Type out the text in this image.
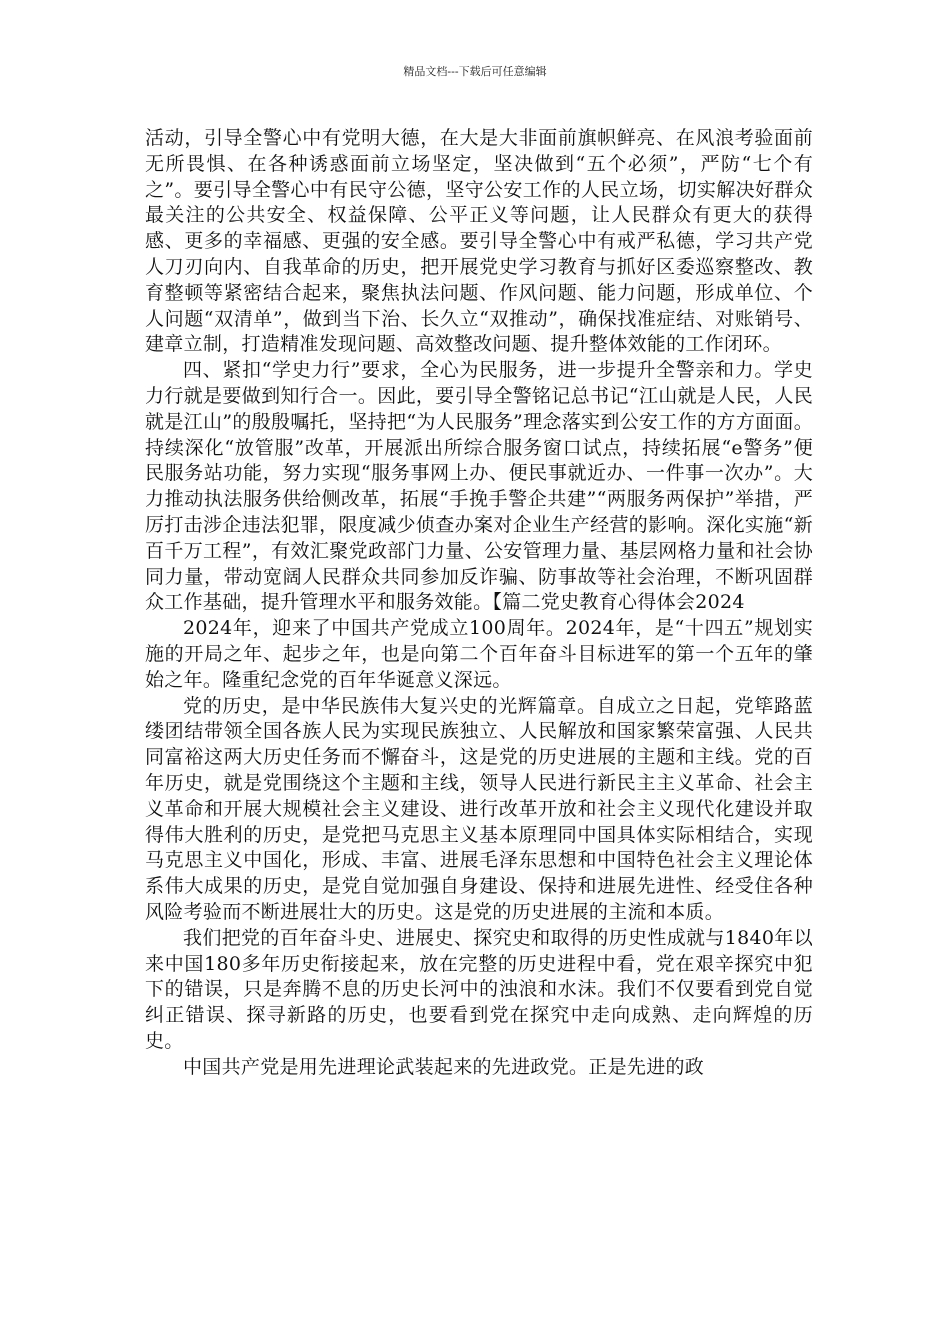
精品文档---下载后可任意编辑

活动，引导全警心中有党明大德，在大是大非面前旗帜鲜亮、在风浪考验面前无所畏惧、在各种诱惑面前立场坚定，坚决做到“五个必须”，严防“七个有之”。要引导全警心中有民守公德，坚守公安工作的人民立场，切实解决好群众最关注的公共安全、权益保障、公平正义等问题，让人民群众有更大的获得感、更多的幸福感、更强的安全感。要引导全警心中有戒严私德，学习共产党人刀刃向内、自我革命的历史，把开展党史学习教育与抓好区委巡察整改、教育整顿等紧密结合起来，聚焦执法问题、作风问题、能力问题，形成单位、个人问题“双清单”，做到当下治、长久立“双推动”，确保找准症结、对账销号、建章立制，打造精准发现问题、高效整改问题、提升整体效能的工作闭环。

四、紧扣“学史力行”要求，全心为民服务，进一步提升全警亲和力。学史力行就是要做到知行合一。因此，要引导全警铭记总书记“江山就是人民，人民就是江山”的殷殷嘱托，坚持把“为人民服务”理念落实到公安工作的方方面面。持续深化“放管服”改革，开展派出所综合服务窗口试点，持续拓展“e警务”便民服务站功能，努力实现“服务事网上办、便民事就近办、一件事一次办”。大力推动执法服务供给侧改革，拓展“手挽手警企共建”“两服务两保护”举措，严厉打击涉企违法犯罪，限度减少侦查办案对企业生产经营的影响。深化实施“新百千万工程”，有效汇聚党政部门力量、公安管理力量、基层网格力量和社会协同力量，带动宽阔人民群众共同参加反诈骗、防事故等社会治理，不断巩固群众工作基础，提升管理水平和服务效能。【篇二党史教育心得体会2024

2024年，迎来了中国共产党成立100周年。2024年，是“十四五”规划实施的开局之年、起步之年，也是向第二个百年奋斗目标进军的第一个五年的肇始之年。隆重纪念党的百年华诞意义深远。

党的历史，是中华民族伟大复兴史的光辉篇章。自成立之日起，党筚路蓝缕团结带领全国各族人民为实现民族独立、人民解放和国家繁荣富强、人民共同富裕这两大历史任务而不懈奋斗，这是党的历史进展的主题和主线。党的百年历史，就是党围绕这个主题和主线，领导人民进行新民主主义革命、社会主义革命和开展大规模社会主义建设、进行改革开放和社会主义现代化建设并取得伟大胜利的历史，是党把马克思主义基本原理同中国具体实际相结合，实现马克思主义中国化，形成、丰富、进展毛泽东思想和中国特色社会主义理论体系伟大成果的历史，是党自觉加强自身建设、保持和进展先进性、经受住各种风险考验而不断进展壮大的历史。这是党的历史进展的主流和本质。

我们把党的百年奋斗史、进展史、探究史和取得的历史性成就与1840年以来中国180多年历史衔接起来，放在完整的历史进程中看，党在艰辛探究中犯下的错误，只是奔腾不息的历史长河中的浊浪和水沫。我们不仅要看到党自觉纠正错误、探寻新路的历史，也要看到党在探究中走向成熟、走向辉煌的历史。

中国共产党是用先进理论武装起来的先进政党。正是先进的政
